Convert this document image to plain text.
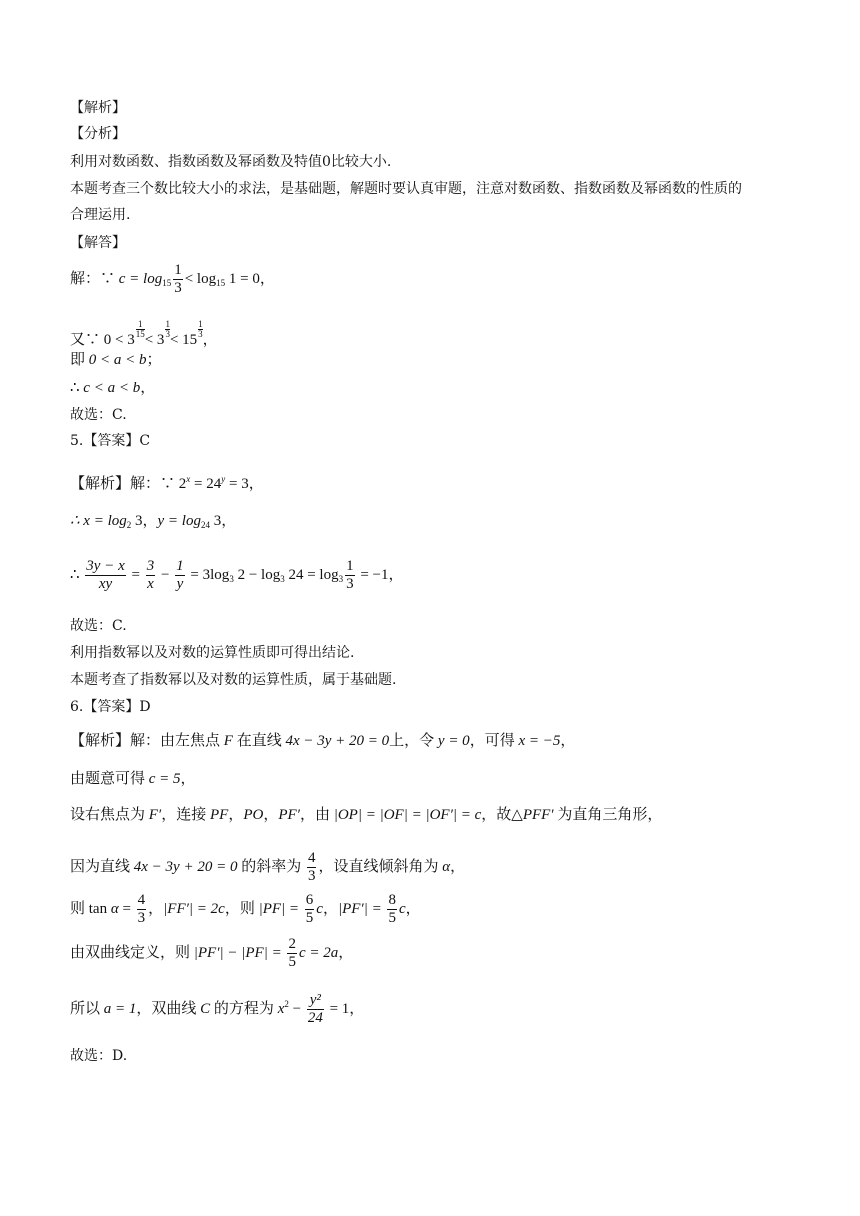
【解析】
【分析】
利用对数函数、指数函数及幂函数及特值0比较大小.
本题考查三个数比较大小的求法，是基础题，解题时要认真审题，注意对数函数、指数函数及幂函数的性质的
合理运用.
【解答】
解：∵ $c = \log_{15} \frac{1}{3} < \log_{15} 1 = 0$，
又∵ 0 < 3
$\frac{1}{15}$
< 3
$\frac{1}{3}$
< 15
$\frac{1}{3}$
，
即 0 < a < b；
∴ c < a < b，
故选：C.
5.【答案】C
【解析】解：∵ $2^x = 24^y = 3$，
∴ $x = \log_2 3$，$y = \log_{24} 3$，
∴ $\frac{3y - x}{xy} = \frac{3}{x} - \frac{1}{y} = 3\log_3$ $2 - \log_3 24 = \log_3 \frac{1}{3} = -1$，
故选：C.
利用指数幂以及对数的运算性质即可得出结论.
本题考查了指数幂以及对数的运算性质，属于基础题.
6.【答案】D
【解析】解：由左焦点 F 在直线 4x − 3y + 20 = 0上，令 y = 0，可得 x = −5，
由题意可得 c = 5，
设右焦点为 F′，连接 PF，PO，PF′，由 |OP| = |OF| = |OF′| = c，故△PFF′ 为直角三角形，
因为直线 4x − 3y + 20 = 0 的斜率为 $\frac{4}{3}$ ，设直线倾斜角为 α，
则 $\tan \alpha = \frac{4}{3}$ ，|FF′| = 2c，则 $|PF| = \frac{6}{5}$ c，$|PF'| = \frac{8}{5}$ c，
由双曲线定义，则 $|PF'| - |PF| = \frac{2}{5}$ c = 2a，
所以 a = 1，双曲线 C 的方程为 $x^2 - \frac{\text{y²}}{24} = 1$，
故选：D.
